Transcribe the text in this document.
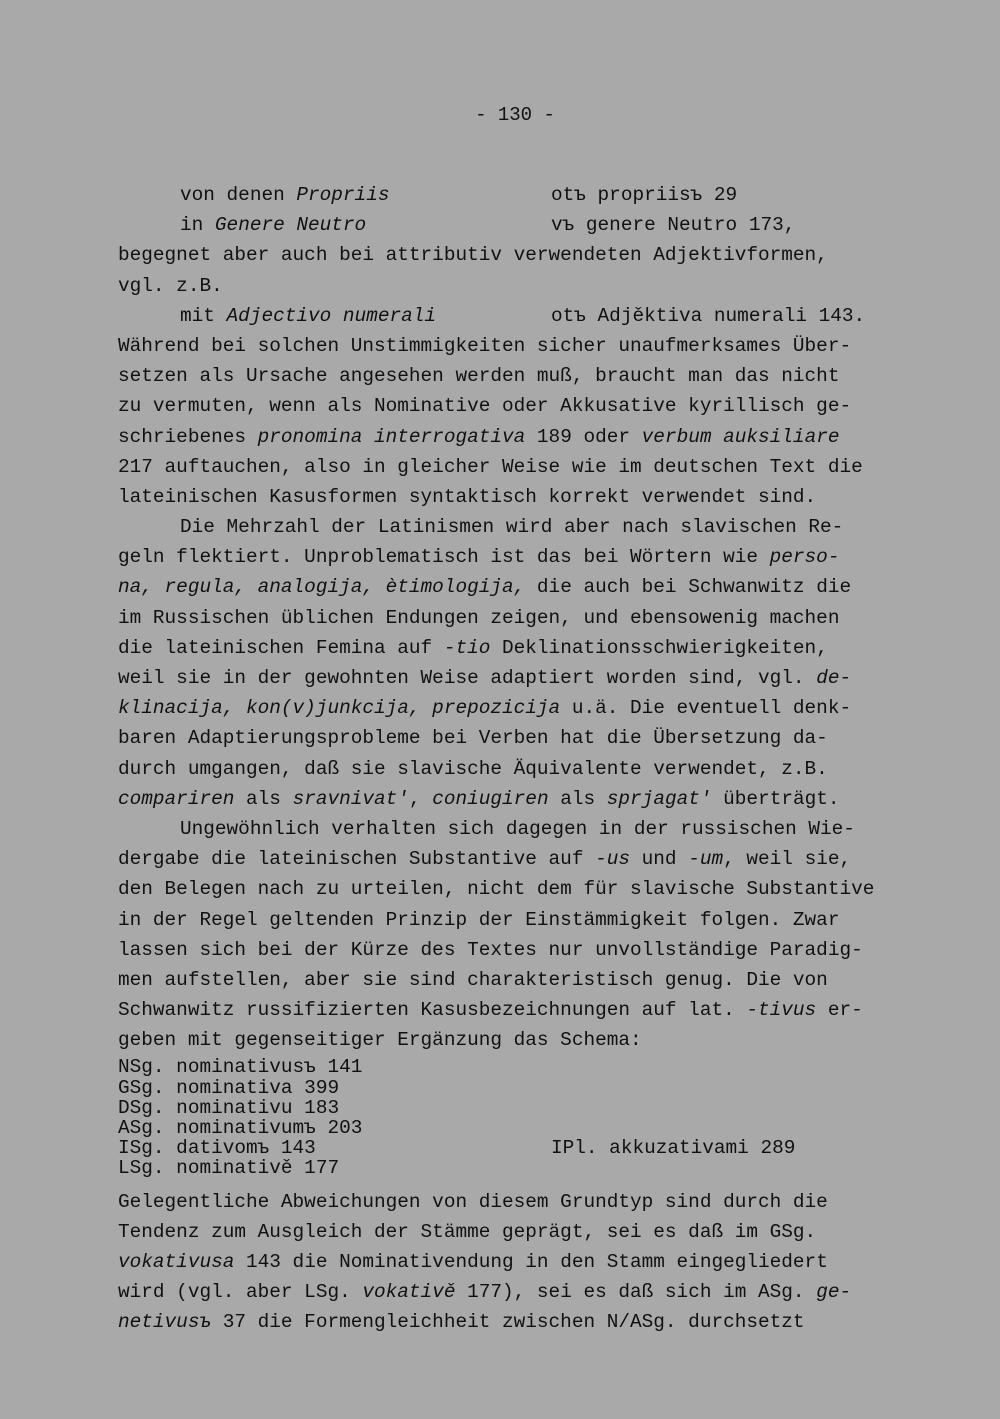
- 130 -
von denen Propriis	otъ propriisъ 29
in Genere Neutro	vъ genere Neutro 173,
begegnet aber auch bei attributiv verwendeten Adjektivformen,
vgl. z.B.
mit Adjectivo numerali	otъ Adjěktiva numerali 143.
Während bei solchen Unstimmigkeiten sicher unaufmerksames Über-
setzen als Ursache angesehen werden muß, braucht man das nicht
zu vermuten, wenn als Nominative oder Akkusative kyrillisch ge-
schriebenes pronomina interrogativa 189 oder verbum auksiliare
217 auftauchen, also in gleicher Weise wie im deutschen Text die
lateinischen Kasusformen syntaktisch korrekt verwendet sind.
Die Mehrzahl der Latinismen wird aber nach slavischen Re-
geln flektiert. Unproblematisch ist das bei Wörtern wie perso-
na, regula, analogija, ètimologija, die auch bei Schwanwitz die
im Russischen üblichen Endungen zeigen, und ebensowenig machen
die lateinischen Femina auf -tio Deklinationsschwierigkeiten,
weil sie in der gewohnten Weise adaptiert worden sind, vgl. de-
klinacija, kon(v)junkcija, prepozicija u.ä. Die eventuell denk-
baren Adaptierungsprobleme bei Verben hat die Übersetzung da-
durch umgangen, daß sie slavische Äquivalente verwendet, z.B.
compariren als sravnivat', coniugiren als sprjagat' überträgt.
Ungewöhnlich verhalten sich dagegen in der russischen Wie-
dergabe die lateinischen Substantive auf -us und -um, weil sie,
den Belegen nach zu urteilen, nicht dem für slavische Substantive
in der Regel geltenden Prinzip der Einstämmigkeit folgen. Zwar
lassen sich bei der Kürze des Textes nur unvollständige Paradig-
men aufstellen, aber sie sind charakteristisch genug. Die von
Schwanwitz russifizierten Kasusbezeichnungen auf lat. -tivus er-
geben mit gegenseitiger Ergänzung das Schema:
NSg. nominativusъ 141
GSg. nominativa 399
DSg. nominativu 183
ASg. nominativumъ 203
ISg. dativomъ 143	IPl. akkuzativami 289
LSg. nominativě 177
Gelegentliche Abweichungen von diesem Grundtyp sind durch die
Tendenz zum Ausgleich der Stämme geprägt, sei es daß im GSg.
vokativusa 143 die Nominativendung in den Stamm eingegliedert
wird (vgl. aber LSg. vokativě 177), sei es daß sich im ASg. ge-
netivusъ 37 die Formengleichheit zwischen N/ASg. durchsetzt
